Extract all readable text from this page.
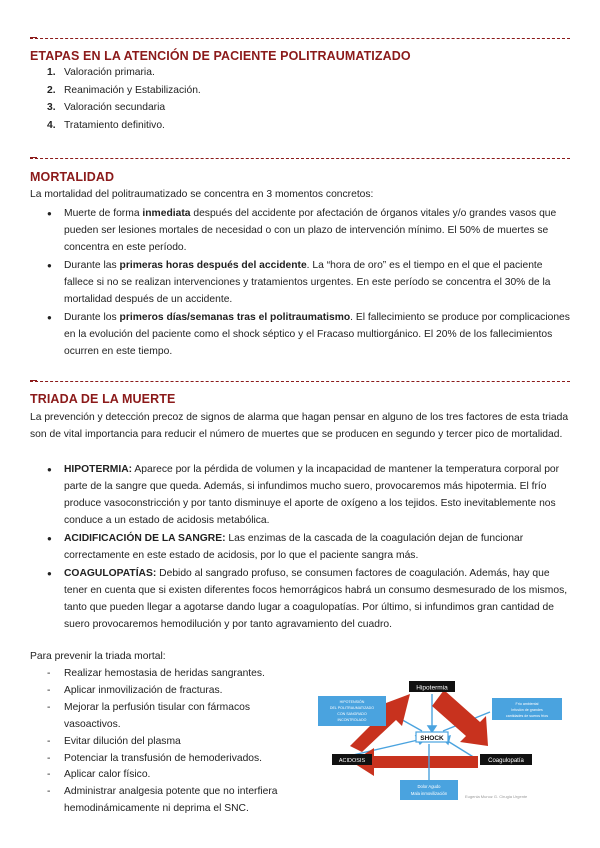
ETAPAS EN LA ATENCIÓN DE PACIENTE POLITRAUMATIZADO
1. Valoración primaria.
2. Reanimación y Estabilización.
3. Valoración secundaria
4. Tratamiento definitivo.
MORTALIDAD
La mortalidad del politraumatizado se concentra en 3 momentos concretos:
● Muerte de forma inmediata después del accidente por afectación de órganos vitales y/o grandes vasos que pueden ser lesiones mortales de necesidad o con un plazo de intervención mínimo. El 50% de muertes se concentra en este período.
● Durante las primeras horas después del accidente. La “hora de oro” es el tiempo en el que el paciente fallece si no se realizan intervenciones y tratamientos urgentes. En este período se concentra el 30% de la mortalidad después de un accidente.
● Durante los primeros días/semanas tras el politraumatismo. El fallecimiento se produce por complicaciones en la evolución del paciente como el shock séptico y el Fracaso multiorgánico. El 20% de los fallecimientos ocurren en este tiempo.
TRIADA DE LA MUERTE
La prevención y detección precoz de signos de alarma que hagan pensar en alguno de los tres factores de esta triada son de vital importancia para reducir el número de muertes que se producen en segundo y tercer pico de mortalidad.
● HIPOTERMIA: Aparece por la pérdida de volumen y la incapacidad de mantener la temperatura corporal por parte de la sangre que queda. Además, si infundimos mucho suero, provocaremos más hipotermia. El frío produce vasoconstricción y por tanto disminuye el aporte de oxígeno a los tejidos. Esto inevitablemente nos conduce a un estado de acidosis metabólica.
● ACIDIFICACIÓN DE LA SANGRE: Las enzimas de la cascada de la coagulación dejan de funcionar correctamente en este estado de acidosis, por lo que el paciente sangra más.
● COAGULOPATÍAS: Debido al sangrado profuso, se consumen factores de coagulación. Además, hay que tener en cuenta que si existen diferentes focos hemorrágicos habrá un consumo desmesurado de los mismos, tanto que pueden llegar a agotarse dando lugar a coagulopatías. Por último, si infundimos gran cantidad de suero provocaremos hemodilución y por tanto agravamiento del cuadro.
Para prevenir la triada mortal:
- Realizar hemostasia de heridas sangrantes.
- Aplicar inmovilización de fracturas.
- Mejorar la perfusión tisular con fármacos vasoactivos.
- Evitar dilución del plasma
- Potenciar la transfusión de hemoderivados.
- Aplicar calor físico.
- Administrar analgesia potente que no interfiera hemodinámicamente ni deprima el SNC.
SHOCK
Hipotermia
ACIDOSIS	Coagulopatía
HIPOTENSIÓN
DEL POLITRAUMATIZADO
CON SANGRADO
INCONTROLADO
Frío ambiental
Infusión de grandes
cantidades de sueros fríos
Dolor Agudo
Mala inmovilización
Eugenia Munoz G. Cirugia Urgente
